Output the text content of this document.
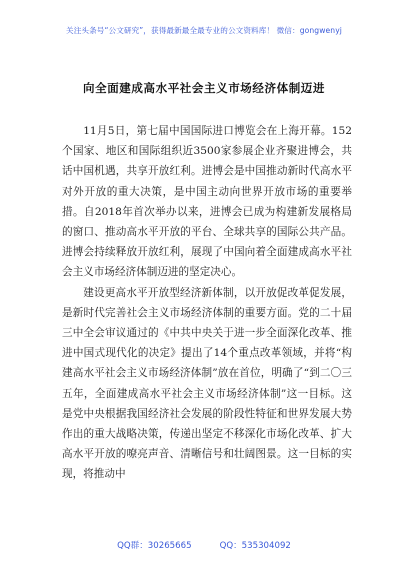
关注头条号“公文研究”，获得最新最全最专业的公文资料库！ 微信：gongwenyj
向全面建成高水平社会主义市场经济体制迈进

11月5日，第七届中国国际进口博览会在上海开幕。152个国家、地区和国际组织近3500家参展企业齐聚进博会，共话中国机遇，共享开放红利。进博会是中国推动新时代高水平对外开放的重大决策，是中国主动向世界开放市场的重要举措。自2018年首次举办以来，进博会已成为构建新发展格局的窗口、推动高水平开放的平台、全球共享的国际公共产品。进博会持续释放开放红利，展现了中国向着全面建成高水平社会主义市场经济体制迈进的坚定决心。

建设更高水平开放型经济新体制，以开放促改革促发展，是新时代完善社会主义市场经济体制的重要方面。党的二十届三中全会审议通过的《中共中央关于进一步全面深化改革、推进中国式现代化的决定》提出了14个重点改革领域，并将“构建高水平社会主义市场经济体制”放在首位，明确了“到二〇三五年，全面建成高水平社会主义市场经济体制”这一目标。这是党中央根据我国经济社会发展的阶段性特征和世界发展大势作出的重大战略决策，传递出坚定不移深化市场化改革、扩大高水平开放的嘹亮声音、清晰信号和壮阔图景。这一目标的实现，将推动中

QQ群：30265665	QQ：535304092
